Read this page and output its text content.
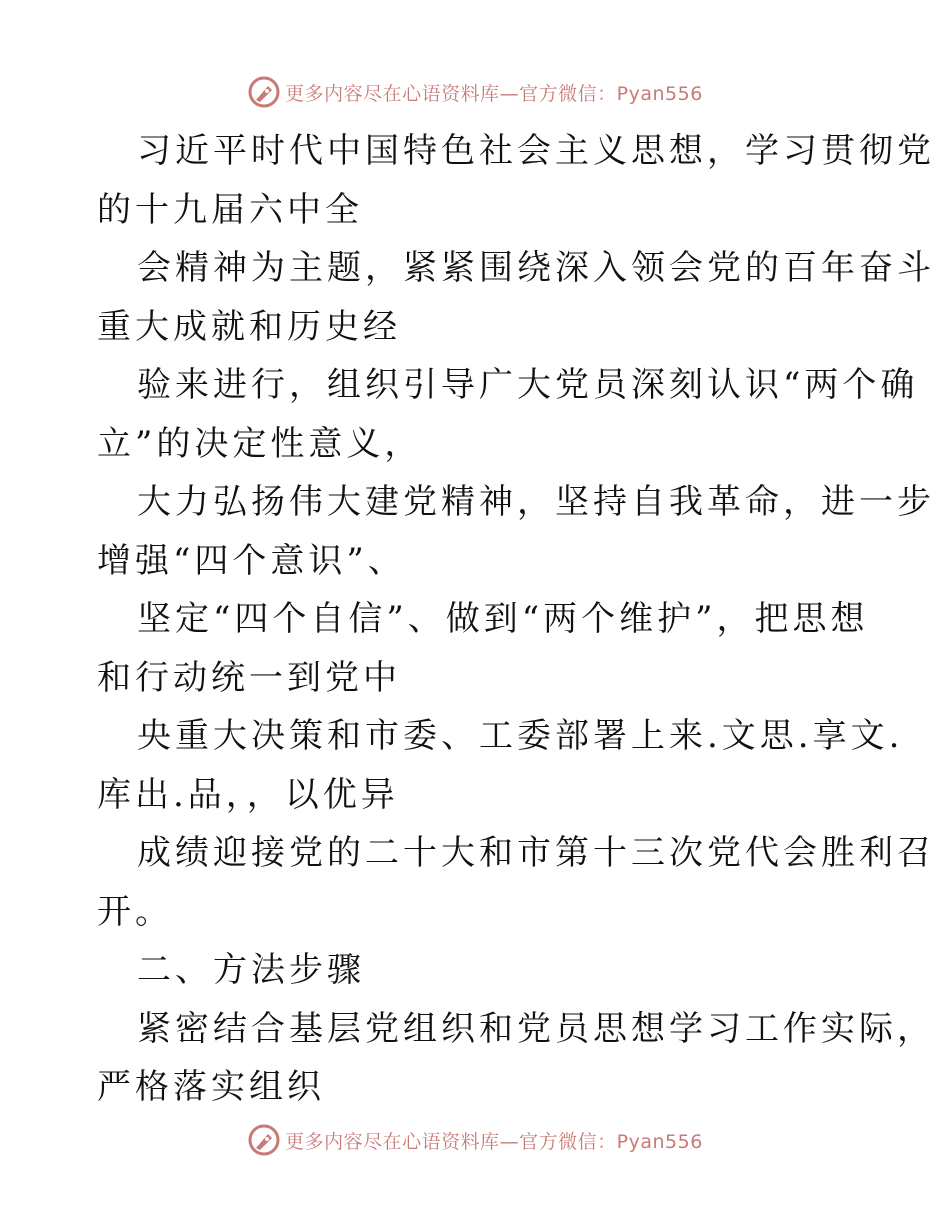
更多内容尽在心语资料库—官方微信：Pyan556
习近平时代中国特色社会主义思想，学习贯彻党
的十九届六中全
会精神为主题，紧紧围绕深入领会党的百年奋斗
重大成就和历史经
验来进行，组织引导广大党员深刻认识“两个确
立”的决定性意义，
大力弘扬伟大建党精神，坚持自我革命，进一步
增强“四个意识”、
坚定“四个自信”、做到“两个维护”，把思想
和行动统一到党中
央重大决策和市委、工委部署上来.文思.享文.
库出.品，，以优异
成绩迎接党的二十大和市第十三次党代会胜利召
开。
二、方法步骤
紧密结合基层党组织和党员思想学习工作实际，
严格落实组织
更多内容尽在心语资料库—官方微信：Pyan556
